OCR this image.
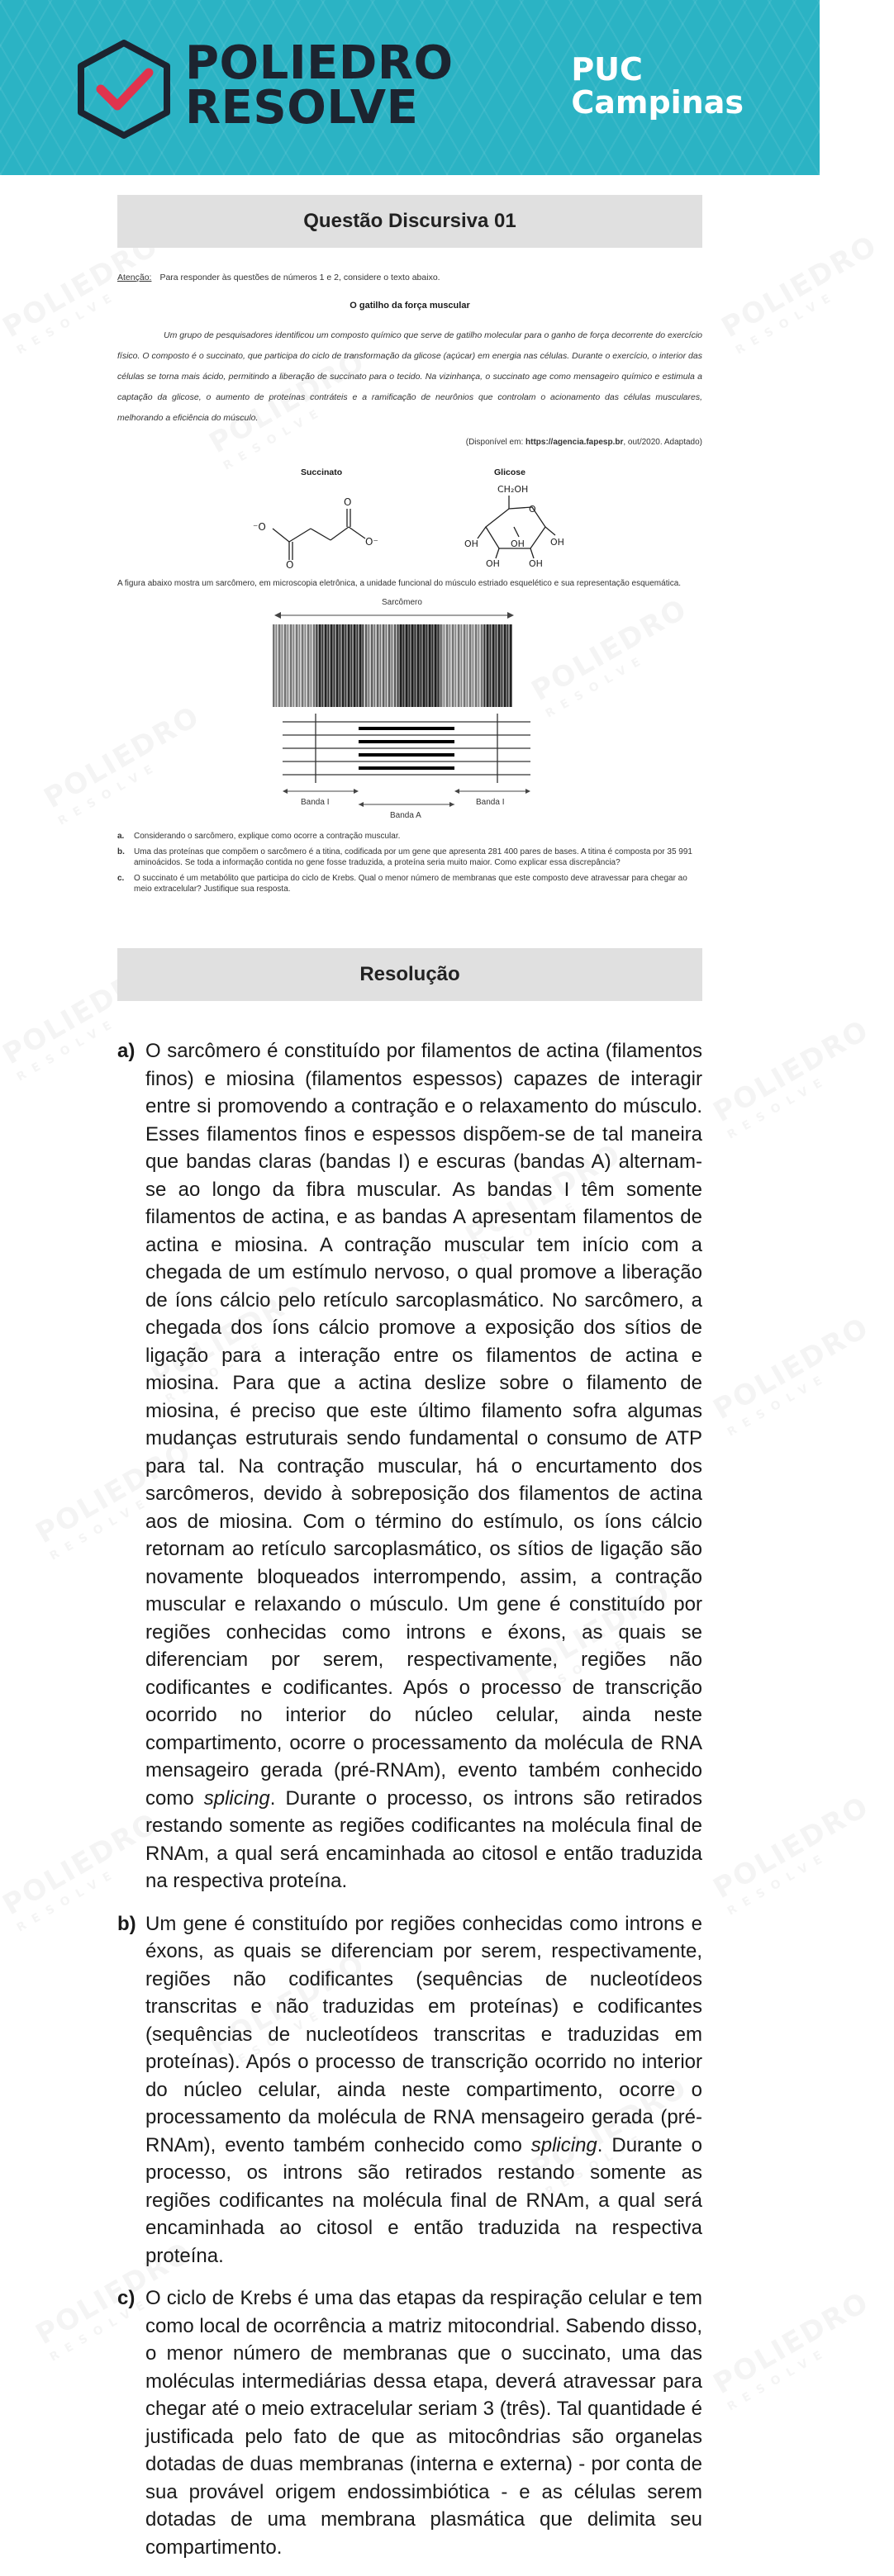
POLIEDRO
RESOLVE
PUC
Campinas
Questão Discursiva 01
Atenção: Para responder às questões de números 1 e 2, considere o texto abaixo.
O gatilho da força muscular
Um grupo de pesquisadores identificou um composto químico que serve de gatilho molecular para o ganho de força decorrente do exercício físico. O composto é o succinato, que participa do ciclo de transformação da glicose (açúcar) em energia nas células. Durante o exercício, o interior das células se torna mais ácido, permitindo a liberação de succinato para o tecido. Na vizinhança, o succinato age como mensageiro químico e estimula a captação da glicose, o aumento de proteínas contráteis e a ramificação de neurônios que controlam o acionamento das células musculares, melhorando a eficiência do músculo.
(Disponível em: https://agencia.fapesp.br, out/2020. Adaptado)
Succinato	Glicose
⁻O
O
O
O⁻
CH₂OH
O
OH
OH	OH
OH
OH
A figura abaixo mostra um sarcômero, em microscopia eletrônica, a unidade funcional do músculo estriado esquelético e sua representação esquemática.
Sarcômero
Banda I	Banda I
Banda A
a.	Considerando o sarcômero, explique como ocorre a contração muscular.
b.	Uma das proteínas que compõem o sarcômero é a titina, codificada por um gene que apresenta 281 400 pares de bases. A titina é composta por 35 991 aminoácidos. Se toda a informação contida no gene fosse traduzida, a proteína seria muito maior. Como explicar essa discrepância?
c.	O succinato é um metabólito que participa do ciclo de Krebs. Qual o menor número de membranas que este composto deve atravessar para chegar ao meio extracelular? Justifique sua resposta.
Resolução
a) O sarcômero é constituído por filamentos de actina (filamentos finos) e miosina (filamentos espessos) capazes de interagir entre si promovendo a contração e o relaxamento do músculo. Esses filamentos finos e espessos dispõem-se de tal maneira que bandas claras (bandas I) e escuras (bandas A) alternam-se ao longo da fibra muscular. As bandas I têm somente filamentos de actina, e as bandas A apresentam filamentos de actina e miosina. A contração muscular tem início com a chegada de um estímulo nervoso, o qual promove a liberação de íons cálcio pelo retículo sarcoplasmático. No sarcômero, a chegada dos íons cálcio promove a exposição dos sítios de ligação para a interação entre os filamentos de actina e miosina. Para que a actina deslize sobre o filamento de miosina, é preciso que este último filamento sofra algumas mudanças estruturais sendo fundamental o consumo de ATP para tal. Na contração muscular, há o encurtamento dos sarcômeros, devido à sobreposição dos filamentos de actina aos de miosina. Com o término do estímulo, os íons cálcio retornam ao retículo sarcoplasmático, os sítios de ligação são novamente bloqueados interrompendo, assim, a contração muscular e relaxando o músculo. Um gene é constituído por regiões conhecidas como introns e éxons, as quais se diferenciam por serem, respectivamente, regiões não codificantes e codificantes. Após o processo de transcrição ocorrido no interior do núcleo celular, ainda neste compartimento, ocorre o processamento da molécula de RNA mensageiro gerada (pré-RNAm), evento também conhecido como splicing. Durante o processo, os introns são retirados restando somente as regiões codificantes na molécula final de RNAm, a qual será encaminhada ao citosol e então traduzida na respectiva proteína.
b) Um gene é constituído por regiões conhecidas como introns e éxons, as quais se diferenciam por serem, respectivamente, regiões não codificantes (sequências de nucleotídeos transcritas e não traduzidas em proteínas) e codificantes (sequências de nucleotídeos transcritas e traduzidas em proteínas). Após o processo de transcrição ocorrido no interior do núcleo celular, ainda neste compartimento, ocorre o processamento da molécula de RNA mensageiro gerada (pré-RNAm), evento também conhecido como splicing. Durante o processo, os introns são retirados restando somente as regiões codificantes na molécula final de RNAm, a qual será encaminhada ao citosol e então traduzida na respectiva proteína.
c) O ciclo de Krebs é uma das etapas da respiração celular e tem como local de ocorrência a matriz mitocondrial. Sabendo disso, o menor número de membranas que o succinato, uma das moléculas intermediárias dessa etapa, deverá atravessar para chegar até o meio extracelular seriam 3 (três). Tal quantidade é justificada pelo fato de que as mitocôndrias são organelas dotadas de duas membranas (interna e externa) - por conta de sua provável origem endossimbiótica - e as células serem dotadas de uma membrana plasmática que delimita seu compartimento.
